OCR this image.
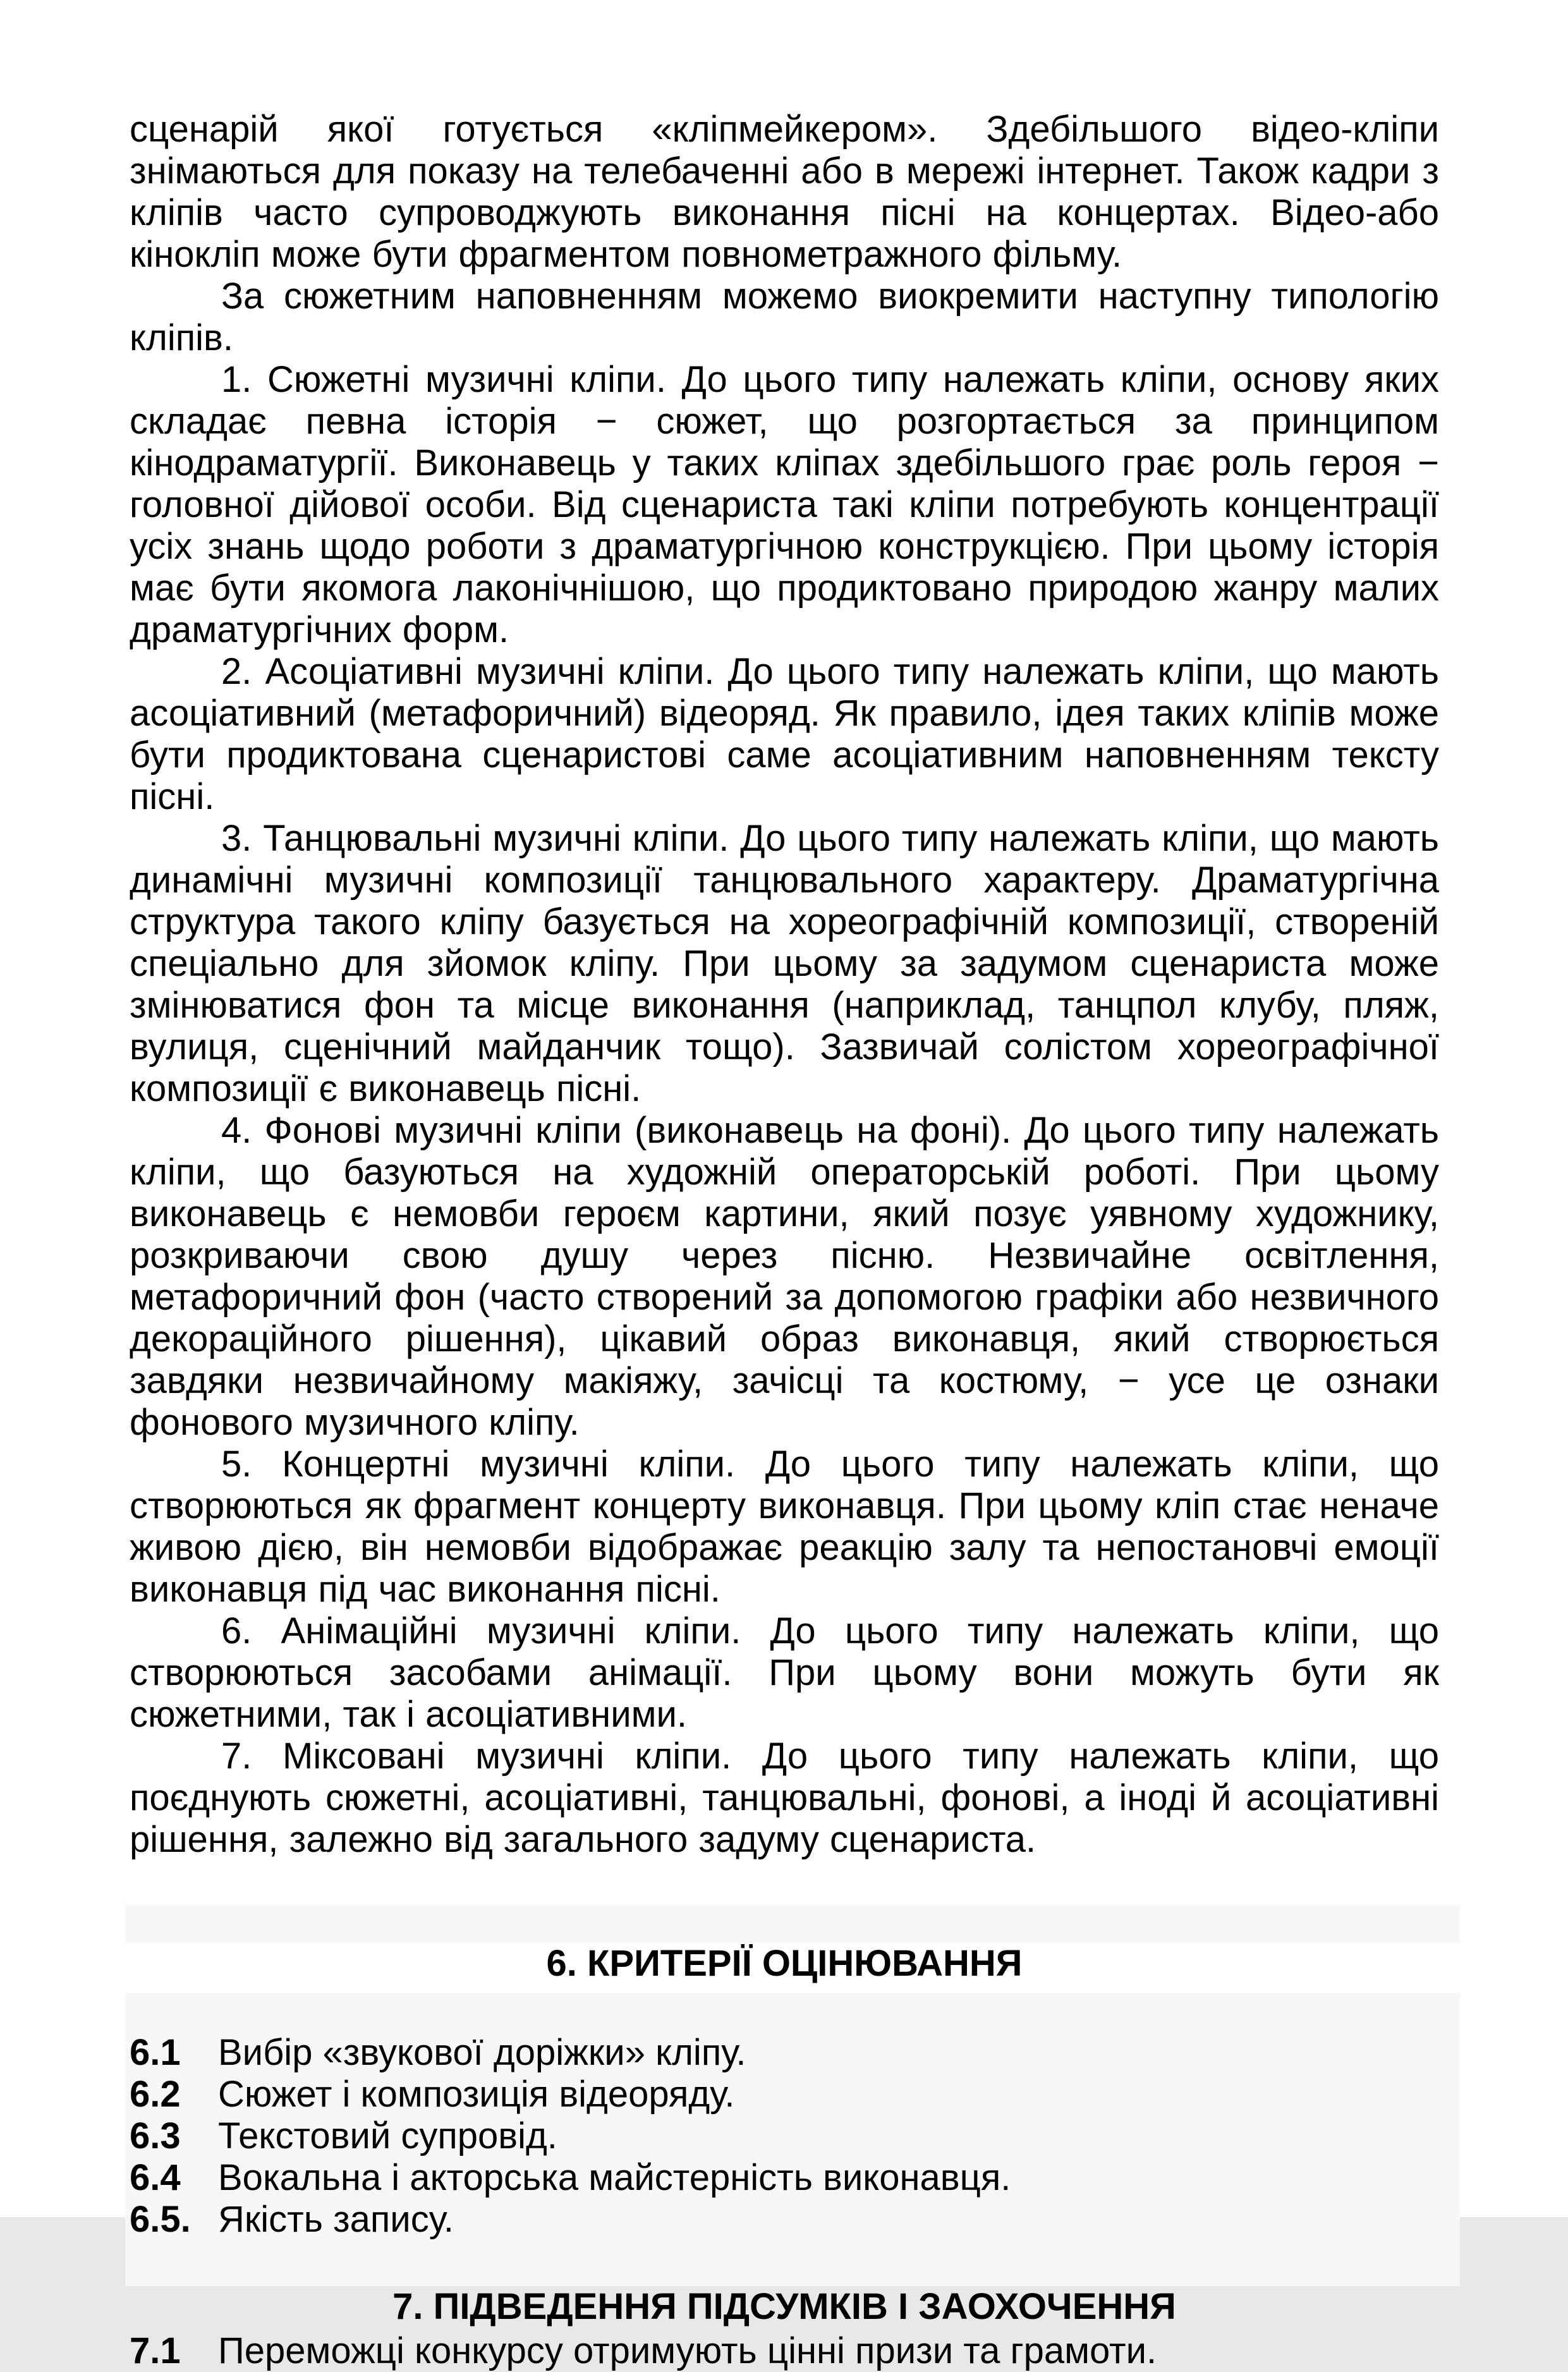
сценарій якої готується «кліпмейкером». Здебільшого відео-кліпи знімаються для показу на телебаченні або в мережі інтернет. Також кадри з кліпів часто супроводжують виконання пісні на концертах. Відео-або кінокліп може бути фрагментом повнометражного фільму.

За сюжетним наповненням можемо виокремити наступну типологію кліпів.

1. Сюжетні музичні кліпи. До цього типу належать кліпи, основу яких складає певна історія − сюжет, що розгортається за принципом кінодраматургії. Виконавець у таких кліпах здебільшого грає роль героя − головної дійової особи. Від сценариста такі кліпи потребують концентрації усіх знань щодо роботи з драматургічною конструкцією. При цьому історія має бути якомога лаконічнішою, що продиктовано природою жанру малих драматургічних форм.

2. Асоціативні музичні кліпи. До цього типу належать кліпи, що мають асоціативний (метафоричний) відеоряд. Як правило, ідея таких кліпів може бути продиктована сценаристові саме асоціативним наповненням тексту пісні.

3. Танцювальні музичні кліпи. До цього типу належать кліпи, що мають динамічні музичні композиції танцювального характеру. Драматургічна структура такого кліпу базується на хореографічній композиції, створеній спеціально для зйомок кліпу. При цьому за задумом сценариста може змінюватися фон та місце виконання (наприклад, танцпол клубу, пляж, вулиця, сценічний майданчик тощо). Зазвичай солістом хореографічної композиції є виконавець пісні.

4. Фонові музичні кліпи (виконавець на фоні). До цього типу належать кліпи, що базуються на художній операторській роботі. При цьому виконавець є немовби героєм картини, який позує уявному художнику, розкриваючи свою душу через пісню. Незвичайне освітлення, метафоричний фон (часто створений за допомогою графіки або незвичного декораційного рішення), цікавий образ виконавця, який створюється завдяки незвичайному макіяжу, зачісці та костюму, − усе це ознаки фонового музичного кліпу.

5. Концертні музичні кліпи. До цього типу належать кліпи, що створюються як фрагмент концерту виконавця. При цьому кліп стає неначе живою дією, він немовби відображає реакцію залу та непостановчі емоції виконавця під час виконання пісні.

6. Анімаційні музичні кліпи. До цього типу належать кліпи, що створюються засобами анімації. При цьому вони можуть бути як сюжетними, так і асоціативними.

7. Міксовані музичні кліпи. До цього типу належать кліпи, що поєднують сюжетні, асоціативні, танцювальні, фонові, а іноді й асоціативні рішення, залежно від загального задуму сценариста.

6. КРИТЕРІЇ ОЦІНЮВАННЯ
6.1	Вибір «звукової доріжки» кліпу.
6.2	Сюжет і композиція відеоряду.
6.3	Текстовий супровід.
6.4	Вокальна і акторська майстерність виконавця.
6.5. Якість запису.
7. ПІДВЕДЕННЯ ПІДСУМКІВ І ЗАОХОЧЕННЯ
7.1	Переможці конкурсу отримують цінні призи та грамоти.
